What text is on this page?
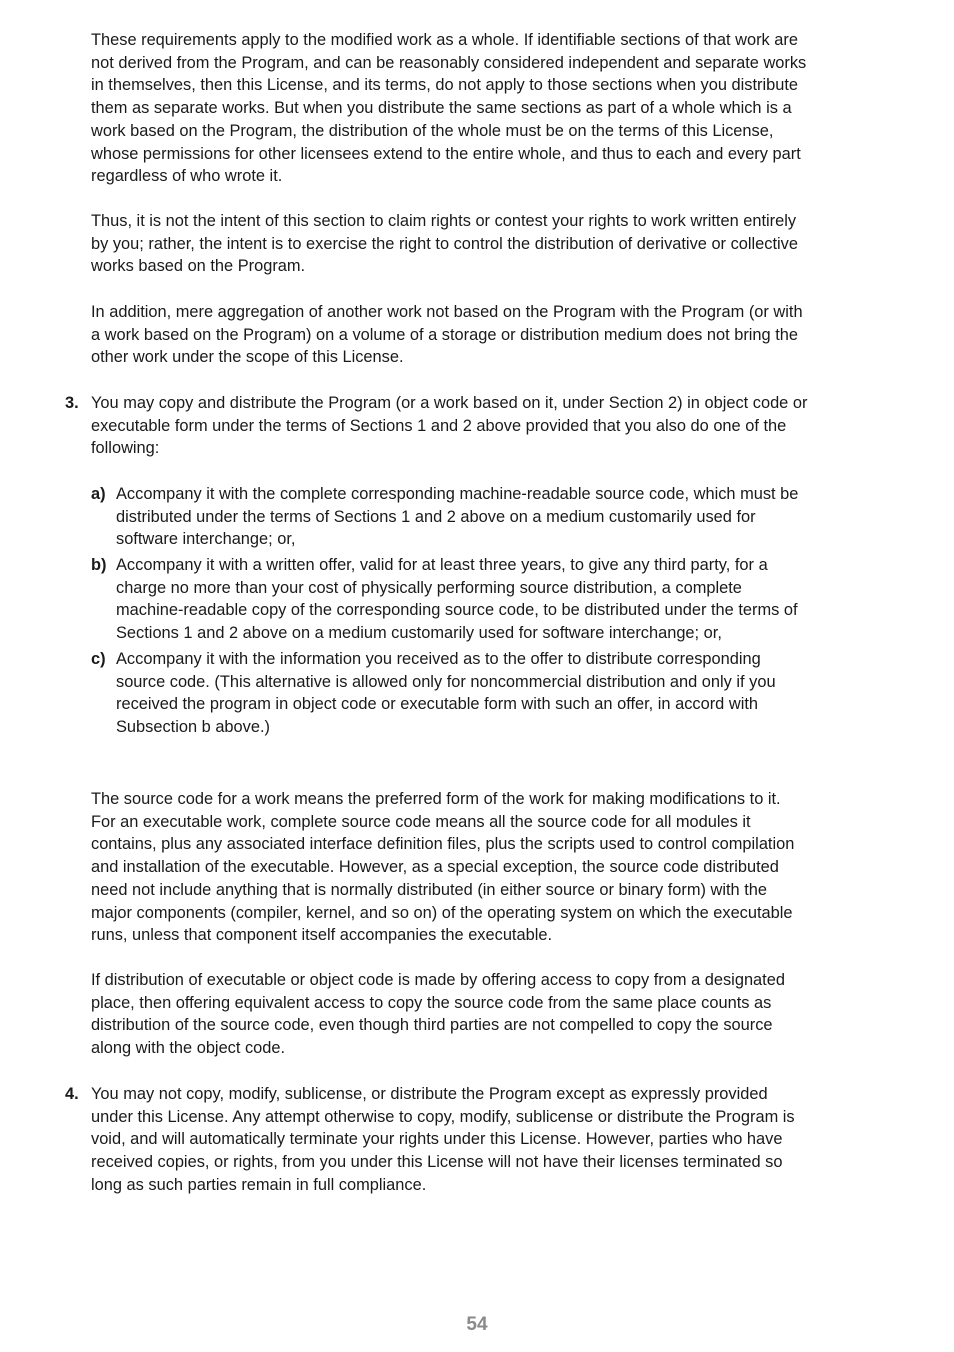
These requirements apply to the modified work as a whole. If identifiable sections of that work are
not derived from the Program, and can be reasonably considered independent and separate works
in themselves, then this License, and its terms, do not apply to those sections when you distribute
them as separate works. But when you distribute the same sections as part of a whole which is a
work based on the Program, the distribution of the whole must be on the terms of this License,
whose permissions for other licensees extend to the entire whole, and thus to each and every part
regardless of who wrote it.

Thus, it is not the intent of this section to claim rights or contest your rights to work written entirely
by you; rather, the intent is to exercise the right to control the distribution of derivative or collective
works based on the Program.

In addition, mere aggregation of another work not based on the Program with the Program (or with
a work based on the Program) on a volume of a storage or distribution medium does not bring the
other work under the scope of this License.

3. You may copy and distribute the Program (or a work based on it, under Section 2) in object code or
executable form under the terms of Sections 1 and 2 above provided that you also do one of the
following:

a) Accompany it with the complete corresponding machine-readable source code, which must be
distributed under the terms of Sections 1 and 2 above on a medium customarily used for
software interchange; or,

b) Accompany it with a written offer, valid for at least three years, to give any third party, for a
charge no more than your cost of physically performing source distribution, a complete
machine-readable copy of the corresponding source code, to be distributed under the terms of
Sections 1 and 2 above on a medium customarily used for software interchange; or,

c) Accompany it with the information you received as to the offer to distribute corresponding
source code. (This alternative is allowed only for noncommercial distribution and only if you
received the program in object code or executable form with such an offer, in accord with
Subsection b above.)

The source code for a work means the preferred form of the work for making modifications to it.
For an executable work, complete source code means all the source code for all modules it
contains, plus any associated interface definition files, plus the scripts used to control compilation
and installation of the executable. However, as a special exception, the source code distributed
need not include anything that is normally distributed (in either source or binary form) with the
major components (compiler, kernel, and so on) of the operating system on which the executable
runs, unless that component itself accompanies the executable.

If distribution of executable or object code is made by offering access to copy from a designated
place, then offering equivalent access to copy the source code from the same place counts as
distribution of the source code, even though third parties are not compelled to copy the source
along with the object code.

4. You may not copy, modify, sublicense, or distribute the Program except as expressly provided
under this License. Any attempt otherwise to copy, modify, sublicense or distribute the Program is
void, and will automatically terminate your rights under this License. However, parties who have
received copies, or rights, from you under this License will not have their licenses terminated so
long as such parties remain in full compliance.

54
